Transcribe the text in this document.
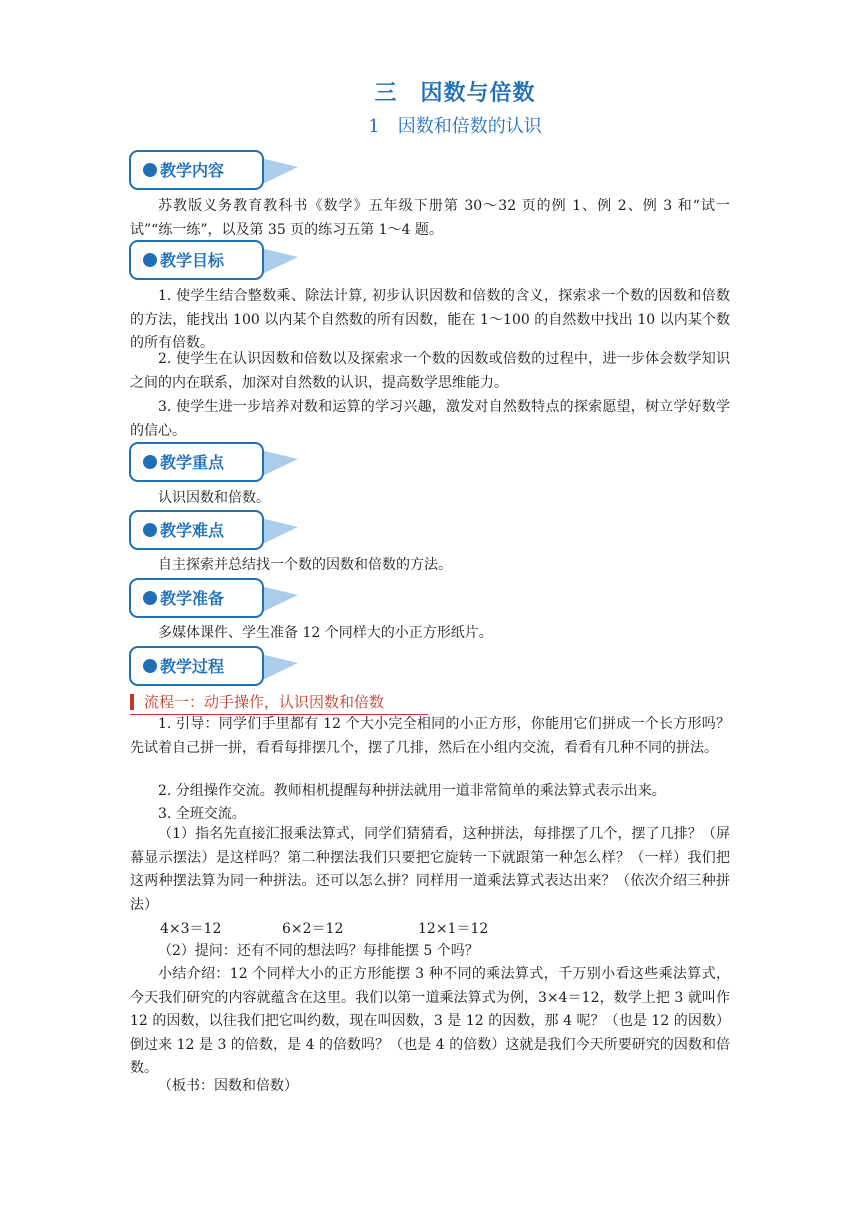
三　因数与倍数
1　因数和倍数的认识
教学内容
苏教版义务教育教科书《数学》五年级下册第 30～32 页的例 1、例 2、例 3 和“试一试”“练一练”，以及第 35 页的练习五第 1～4 题。
教学目标
1. 使学生结合整数乘、除法计算, 初步认识因数和倍数的含义，探索求一个数的因数和倍数的方法，能找出 100 以内某个自然数的所有因数，能在 1～100 的自然数中找出 10 以内某个数的所有倍数。
2. 使学生在认识因数和倍数以及探索求一个数的因数或倍数的过程中，进一步体会数学知识之间的内在联系，加深对自然数的认识，提高数学思维能力。
3. 使学生进一步培养对数和运算的学习兴趣，激发对自然数特点的探索愿望，树立学好数学的信心。
教学重点
认识因数和倍数。
教学难点
自主探索并总结找一个数的因数和倍数的方法。
教学准备
多媒体课件、学生准备 12 个同样大的小正方形纸片。
教学过程
流程一：动手操作，认识因数和倍数
1. 引导：同学们手里都有 12 个大小完全相同的小正方形，你能用它们拼成一个长方形吗？先试着自己拼一拼，看看每排摆几个，摆了几排，然后在小组内交流，看看有几种不同的拼法。
2. 分组操作交流。教师相机提醒每种拼法就用一道非常简单的乘法算式表示出来。
3. 全班交流。
（1）指名先直接汇报乘法算式，同学们猜猜看，这种拼法，每排摆了几个，摆了几排？（屏幕显示摆法）是这样吗？第二种摆法我们只要把它旋转一下就跟第一种怎么样？（一样）我们把这两种摆法算为同一种拼法。还可以怎么拼？同样用一道乘法算式表达出来？（依次介绍三种拼法）
4×3＝12	6×2＝12	12×1＝12
（2）提问：还有不同的想法吗？每排能摆 5 个吗？
小结介绍：12 个同样大小的正方形能摆 3 种不同的乘法算式，千万别小看这些乘法算式，今天我们研究的内容就蕴含在这里。我们以第一道乘法算式为例，3×4＝12，数学上把 3 就叫作 12 的因数，以往我们把它叫约数，现在叫因数，3 是 12 的因数，那 4 呢？（也是 12 的因数）倒过来 12 是 3 的倍数，是 4 的倍数吗？（也是 4 的倍数）这就是我们今天所要研究的因数和倍数。
（板书：因数和倍数）
